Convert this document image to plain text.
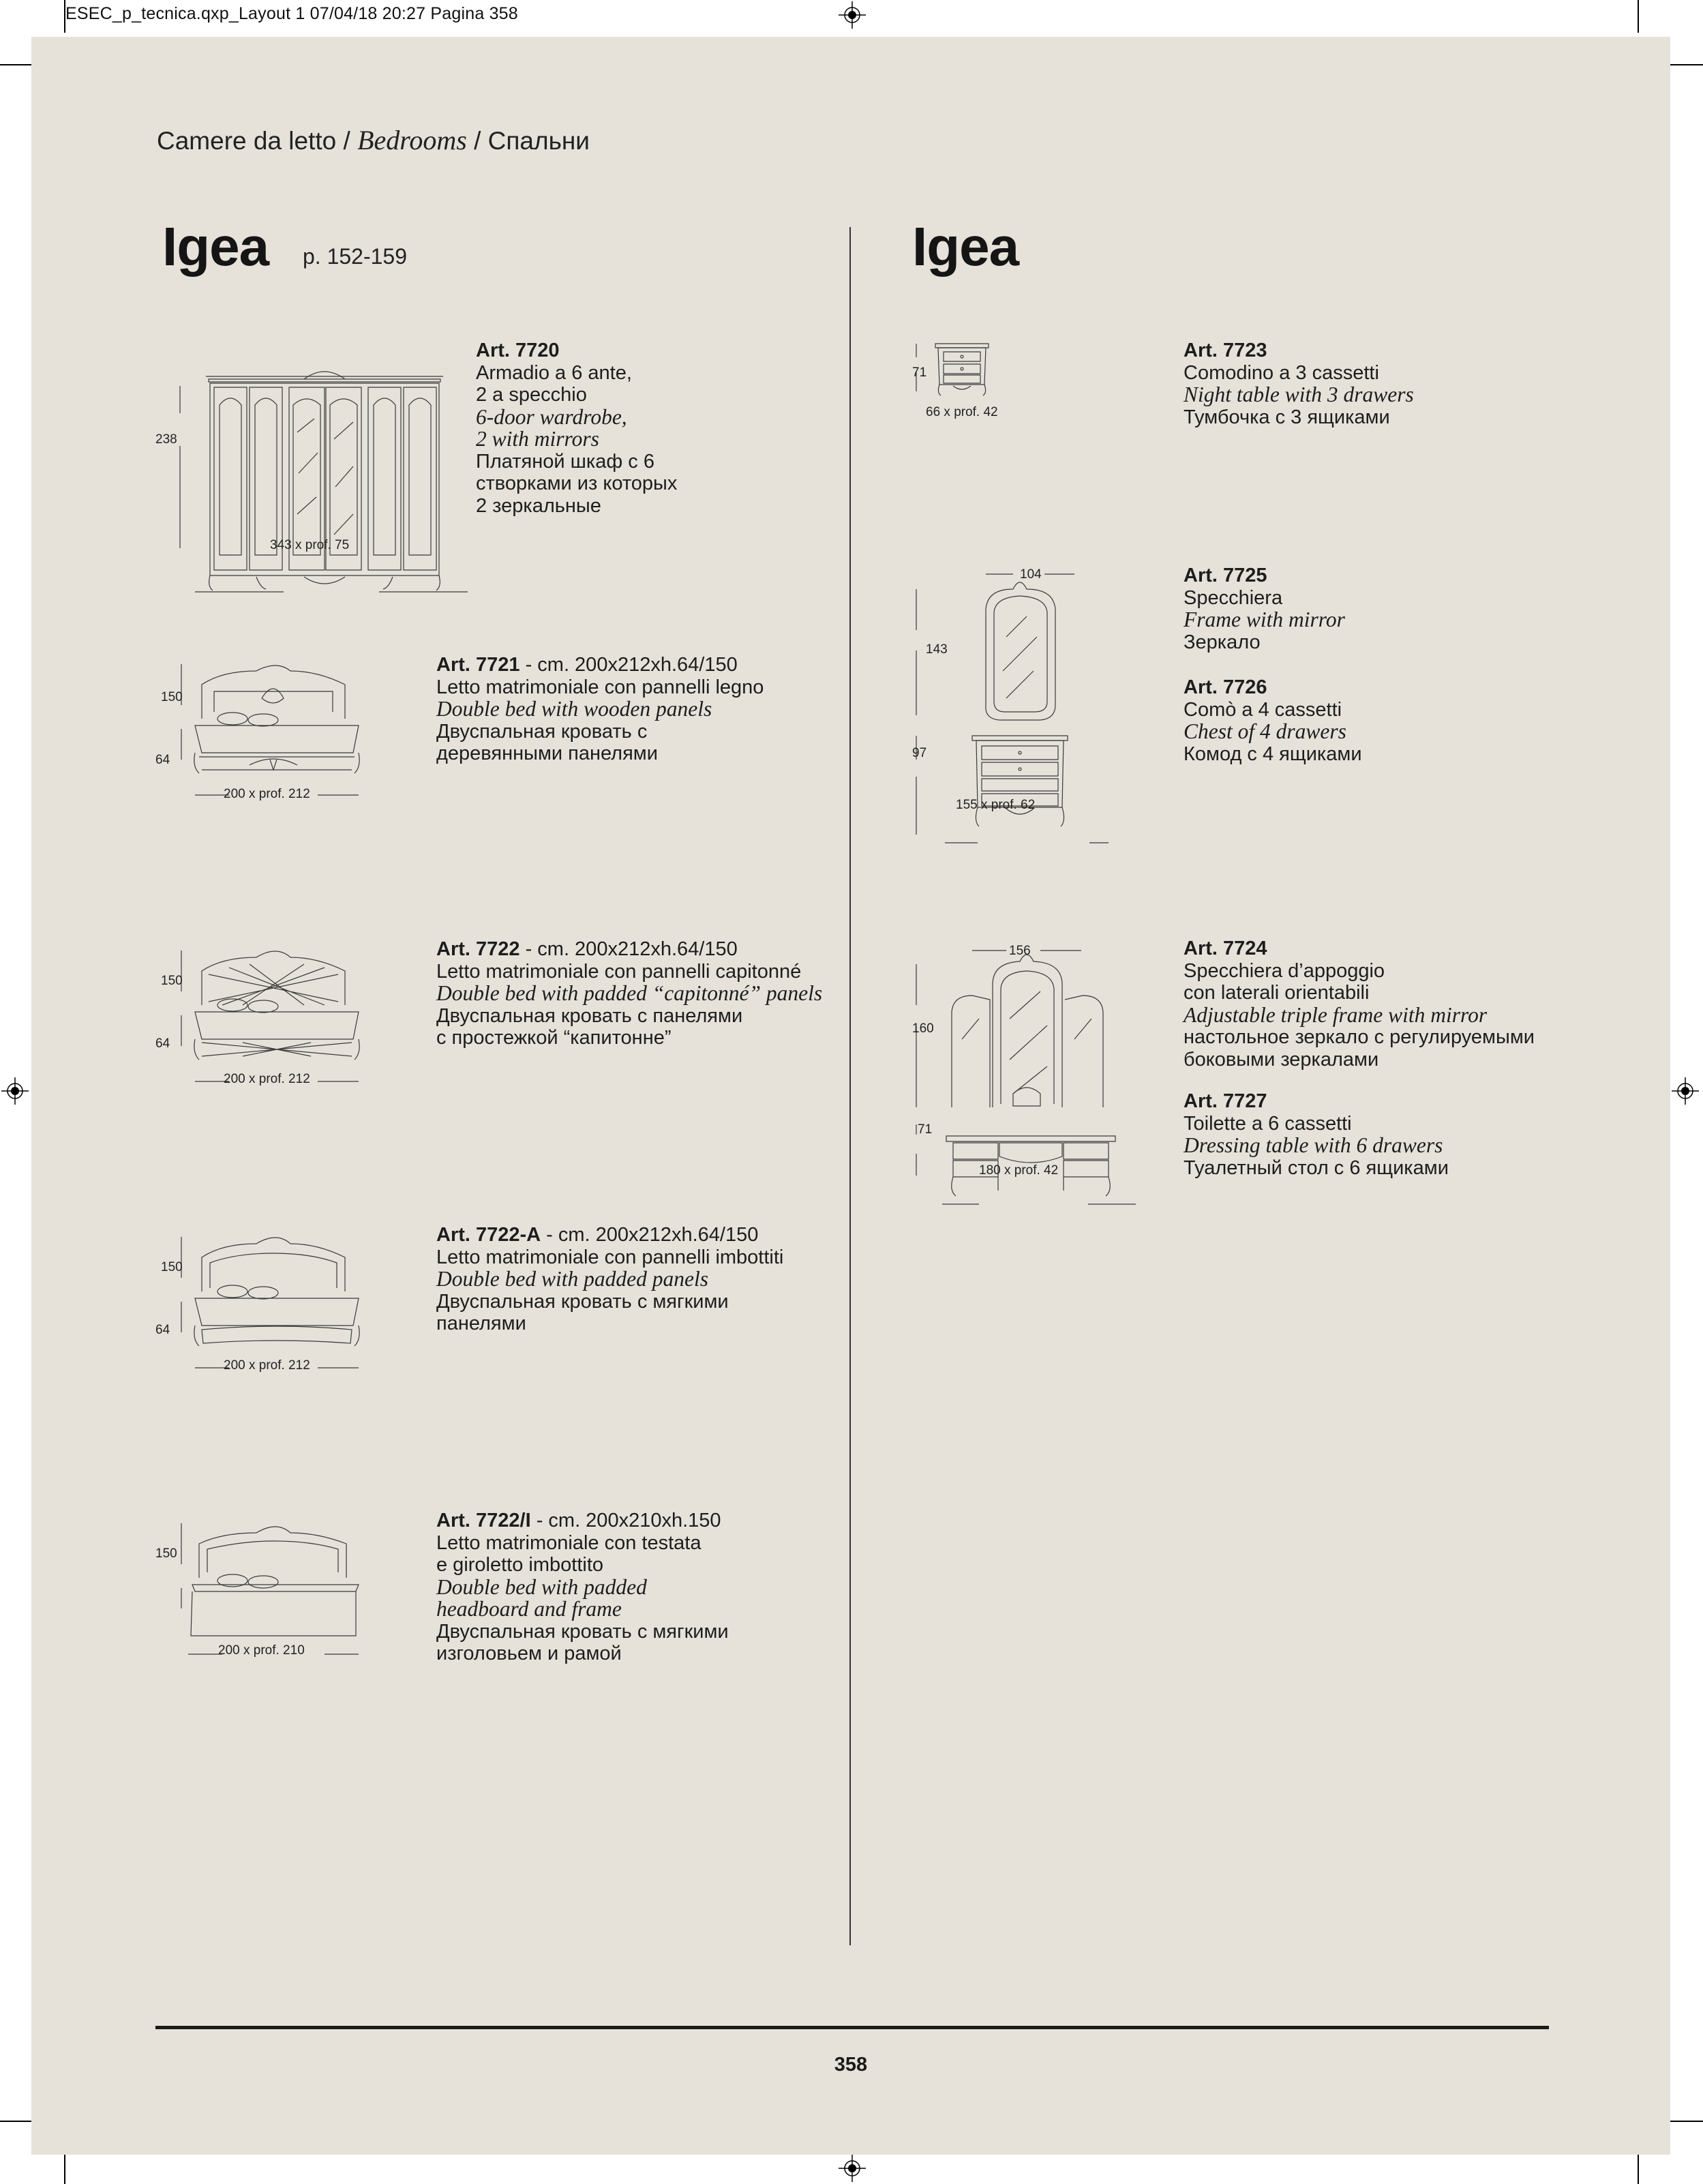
ESEC_p_tecnica.qxp_Layout 1 07/04/18 20:27 Pagina 358
Camere da letto / Bedrooms / Спальни
Igea p. 152-159	Igea
238
343 x prof. 75
Art. 7720
Armadio a 6 ante,
2 a specchio
6-door wardrobe,
2 with mirrors
Платяной шкаф с 6
створками из которых
2 зеркальные
150
64
200 x prof. 212
Art. 7721 - cm. 200x212xh.64/150
Letto matrimoniale con pannelli legno
Double bed with wooden panels
Двуспальная кровать с
деревянными панелями
150
64
200 x prof. 212
Art. 7722 - cm. 200x212xh.64/150
Letto matrimoniale con pannelli capitonné
Double bed with padded “capitonné” panels
Двуспальная кровать с панелями
с простежкой “капитонне”
150
64
200 x prof. 212
Art. 7722-A - cm. 200x212xh.64/150
Letto matrimoniale con pannelli imbottiti
Double bed with padded panels
Двуспальная кровать с мягкими
панелями
150
200 x prof. 210
Art. 7722/I - cm. 200x210xh.150
Letto matrimoniale con testata
e giroletto imbottito
Double bed with padded
headboard and frame
Двуспальная кровать с мягкими
изголовьем и рамой
71
66 x prof. 42
Art. 7723
Comodino a 3 cassetti
Night table with 3 drawers
Тумбочка с 3 ящиками
104
143
97
155 x prof. 62
Art. 7725
Specchiera
Frame with mirror
Зеркало
Art. 7726
Comò a 4 cassetti
Chest of 4 drawers
Комод с 4 ящиками
156
160
71
180 x prof. 42
Art. 7724
Specchiera d’appoggio
con laterali orientabili
Adjustable triple frame with mirror
настольное зеркало с регулируемыми
боковыми зеркалами
Art. 7727
Toilette a 6 cassetti
Dressing table with 6 drawers
Туалетный стол с 6 ящиками
358
